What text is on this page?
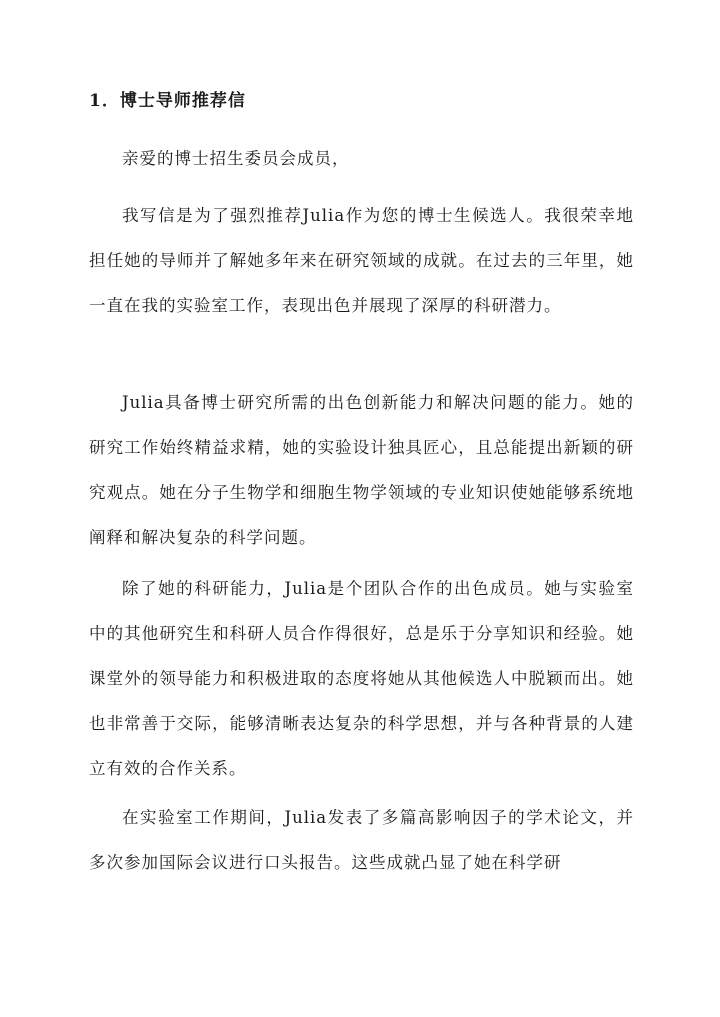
1．博士导师推荐信
亲爱的博士招生委员会成员，

我写信是为了强烈推荐Julia作为您的博士生候选人。我很荣幸地担任她的导师并了解她多年来在研究领域的成就。在过去的三年里，她一直在我的实验室工作，表现出色并展现了深厚的科研潜力。

Julia具备博士研究所需的出色创新能力和解决问题的能力。她的研究工作始终精益求精，她的实验设计独具匠心，且总能提出新颖的研究观点。她在分子生物学和细胞生物学领域的专业知识使她能够系统地阐释和解决复杂的科学问题。

除了她的科研能力，Julia是个团队合作的出色成员。她与实验室中的其他研究生和科研人员合作得很好，总是乐于分享知识和经验。她课堂外的领导能力和积极进取的态度将她从其他候选人中脱颖而出。她也非常善于交际，能够清晰表达复杂的科学思想，并与各种背景的人建立有效的合作关系。

在实验室工作期间，Julia发表了多篇高影响因子的学术论文，并多次参加国际会议进行口头报告。这些成就凸显了她在科学研
